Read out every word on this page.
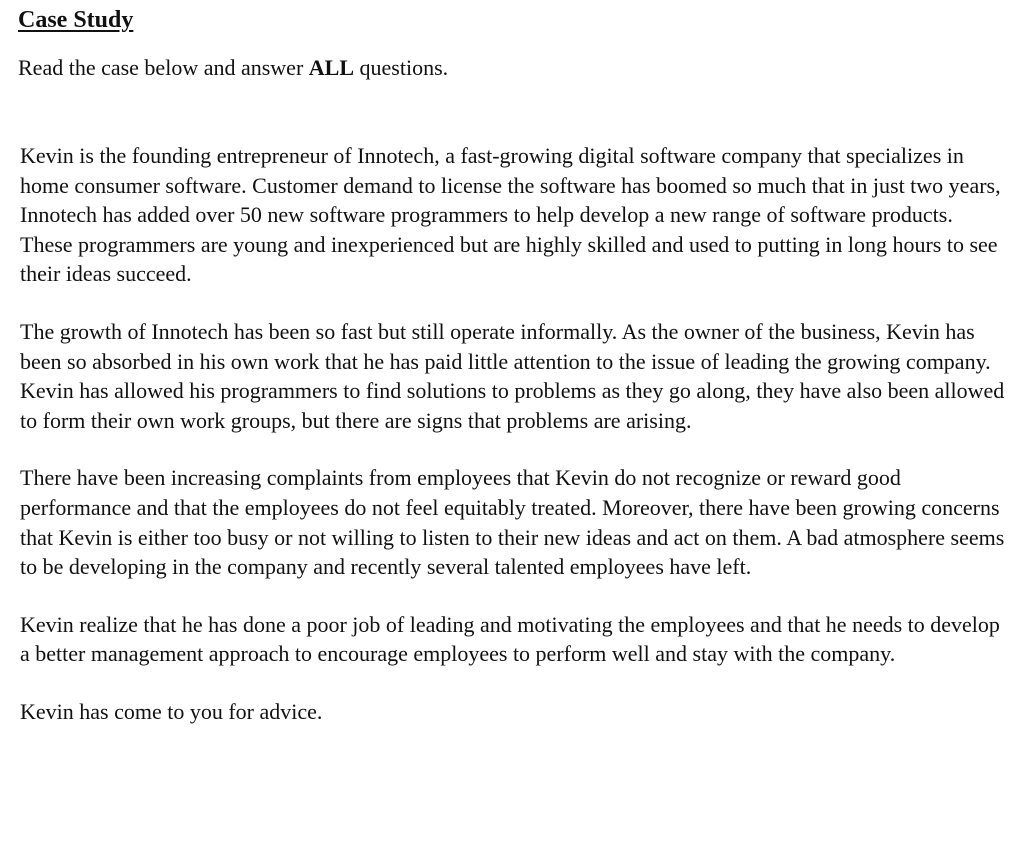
Case Study

Read the case below and answer ALL questions.

Kevin is the founding entrepreneur of Innotech, a fast-growing digital software company that specializes in home consumer software. Customer demand to license the software has boomed so much that in just two years, Innotech has added over 50 new software programmers to help develop a new range of software products. These programmers are young and inexperienced but are highly skilled and used to putting in long hours to see their ideas succeed.

The growth of Innotech has been so fast but still operate informally. As the owner of the business, Kevin has been so absorbed in his own work that he has paid little attention to the issue of leading the growing company. Kevin has allowed his programmers to find solutions to problems as they go along, they have also been allowed to form their own work groups, but there are signs that problems are arising.

There have been increasing complaints from employees that Kevin do not recognize or reward good performance and that the employees do not feel equitably treated. Moreover, there have been growing concerns that Kevin is either too busy or not willing to listen to their new ideas and act on them. A bad atmosphere seems to be developing in the company and recently several talented employees have left.

Kevin realize that he has done a poor job of leading and motivating the employees and that he needs to develop a better management approach to encourage employees to perform well and stay with the company.

Kevin has come to you for advice.
